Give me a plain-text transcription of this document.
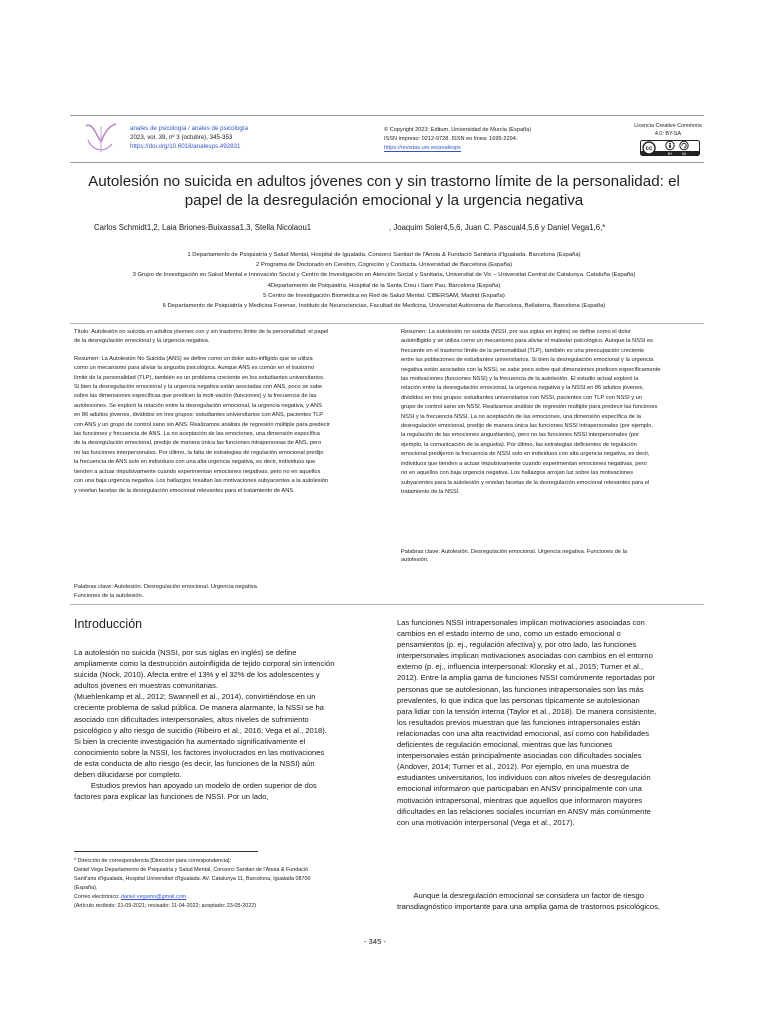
anales de psicología / anales de psicología
2023, vol. 39, nº 3 (octubre), 345-353
https://doi.org/10.6018/analesps.492831
© Copyright 2023: Editum. Universidad de Murcia (España)
ISSN impreso: 0212-9728. ISSN en línea: 1695-2294.
https://revistas.um.es/analesps
Licencia Creative Commons
4.0: BY-SA
cc
BY	SA
Autolesión no suicida en adultos jóvenes con y sin trastorno límite de la personalidad: el
papel de la desregulación emocional y la urgencia negativa
Carlos Schmidt1,2, Laia Briones-Buixassa1,3, Stella Nicolaou1	, Joaquim Soler4,5,6, Juan C. Pascual4,5,6 y Daniel Vega1,6,*
1 Departamento de Psiquiatría y Salud Mental, Hospital de Igualada. Consorci Sanitari de l'Anoia & Fundació Sanitària d'Igualada. Barcelona (España)
2 Programa de Doctorado en Cerebro, Cognición y Conducta. Universidad de Barcelona (España)
3 Grupo de Investigación en Salud Mental e Innovación Social y Centro de Investigación en Atención Social y Sanitaria, Universitat de Vic – Universitat Central de Catalunya. Cataluña (España)
4Departamento de Psiquiatría. Hospital de la Santa Creu i Sant Pau, Barcelona (España)
5 Centro de Investigación Biomédica en Red de Salud Mental. CIBERSAM, Madrid (España)
6 Departamento de Psiquiatría y Medicina Forense, Instituto de Neurociencias, Facultad de Medicina, Universitat Autònoma de Barcelona, Bellaterra, Barcelona (España)

Título: Autolesión no suicida en adultos jóvenes con y sin trastorno límite de la personalidad: el papel

de la desregulación emocional y la urgencia negativa.

Resumen: La Autolesión No Suicida (ANS) se define como un dolor auto-infligido que se utiliza

como un mecanismo para aliviar la angustia psicológica. Aunque ANS es común en el trastorno

límite de la personalidad (TLP), también es un problema creciente en los estudiantes universitarios.

Si bien la desregulación emocional y la urgencia negativa están asociadas con ANS, poco se sabe

sobre las dimensiones específicas que predicen la moti-vación (funciones) y la frecuencia de las

autolesiones. Se exploró la relación entre la desregulación emocional, la urgencia negativa, y ANS

en 86 adultos jóvenes, divididos en tres grupos: estudiantes universitarios con ANS, pacientes TLP

con ANS y un grupo de control sano sin ANS. Realizamos análisis de regresión múltiple para predecir

las funciones y frecuencia de ANS. La no aceptación de las emociones, una dimensión específica

de la desregulación emocional, predijo de manera única las funciones intrapersonas de ANS, pero

no las funciones interpersonales. Por último, la falta de estrategias de regulación emocional predijo

la frecuencia de ANS solo en individuos con una alta urgencia negativa, es decir, individuos que

tienden a actuar impulsivamente cuando experimentan emociones negativas, pero no en aquellos

con una baja urgencia negativa. Los hallazgos resaltan las motivaciones subyacentes a la autolesión

y revelan facetas de la desregulación emocional relevantes para el tratamiento de ANS.

Palabras clave: Autolesión. Desregulación emocional. Urgencia negativa.

Funciones de la autolesión.

Resumen: La autolesión no suicida (NSSI, por sus siglas en inglés) se define como el dolor

autoinfligido y se utiliza como un mecanismo para aliviar el malestar psicológico. Aunque la NSSI es

frecuente en el trastorno límite de la personalidad (TLP), también es una preocupación creciente

entre las poblaciones de estudiantes universitarios. Si bien la desregulación emocional y la urgencia

negativa están asociadas con la NSSI, se sabe poco sobre qué dimensiones predicen específicamente

las motivaciones (funciones NSSI) y la frecuencia de la autolesión. El estudio actual exploró la

relación entre la desregulación emocional, la urgencia negativa y la NSSI en 86 adultos jóvenes,

divididos en tres grupos: estudiantes universitarios con NSSI, pacientes con TLP con NSSI y un

grupo de control sano sin NSSI. Realizamos análisis de regresión múltiple para predecir las funciones

NSSI y la frecuencia NSSI. La no aceptación de las emociones, una dimensión específica de la

desregulación emocional, predijo de manera única las funciones NSSI intrapersonales (por ejemplo,

la regulación de las emociones angustiantes), pero no las funciones NSSI interpersonales (por

ejemplo, la comunicación de la angustia). Por último, las estrategias deficientes de regulación

emocional predijeron la frecuencia de NSSI solo en individuos con alta urgencia negativa, es decir,

individuos que tienden a actuar impulsivamente cuando experimentan emociones negativas, pero

no en aquellos con baja urgencia negativa. Los hallazgos arrojan luz sobre las motivaciones

subyacentes para la autolesión y revelan facetas de la desregulación emocional relevantes para el

tratamiento de la NSSI.

Palabras clave: Autolesión. Desregulación emocional. Urgencia negativa. Funciones de la

autolesión.

Introducción

La autolesión no suicida (NSSI, por sus siglas en inglés) se define

ampliamente como la destrucción autoinfligida de tejido corporal sin intención

suicida (Nock, 2010). Afecta entre el 13% y el 32% de los adolescentes y

adultos jóvenes en muestras comunitarias.

(Muehlenkamp et al., 2012; Swannell et al., 2014), convirtiéndose en un

creciente problema de salud pública. De manera alarmante, la NSSI se ha

asociado con dificultades interpersonales, altos niveles de sufrimiento

psicológico y alto riesgo de suicidio (Ribeiro et al., 2016; Vega et al., 2018).

Si bien la creciente investigación ha aumentado significativamente el

conocimiento sobre la NSSI, los factores involucrados en las motivaciones

de esta conducta de alto riesgo (es decir, las funciones de la NSSI) aún

deben dilucidarse por completo.

Estudios previos han apoyado un modelo de orden superior de dos

factores para explicar las funciones de NSSI. Por un lado,

Las funciones NSSI intrapersonales implican motivaciones asociadas con

cambios en el estado interno de uno, como un estado emocional o

pensamientos (p. ej., regulación afectiva) y, por otro lado, las funciones

interpersonales implican motivaciones asociadas con cambios en el entorno

externo (p. ej., influencia interpersonal: Klonsky et al., 2015; Turner et al.,

2012). Entre la amplia gama de funciones NSSI comúnmente reportadas por

personas que se autolesionan, las funciones intrapersonales son las más

prevalentes, lo que indica que las personas típicamente se autolesionan

para lidiar con la tensión interna (Taylor et al., 2018). De manera consistente,

los resultados previos muestran que las funciones intrapersonales están

relacionadas con una alta reactividad emocional, así como con habilidades

deficientes de regulación emocional, mientras que las funciones

interpersonales están principalmente asociadas con dificultades sociales

(Andover, 2014; Turner et al., 2012). Por ejemplo, en una muestra de

estudiantes universitarios, los individuos con altos niveles de desregulación

emocional informaron que participaban en ANSV principalmente con una

motivación intrapersonal, mientras que aquellos que informaron mayores

dificultades en las relaciones sociales incurrían en ANSV más comúnmente

con una motivación interpersonal (Vega et al., 2017).

Aunque la desregulación emocional se considera un factor de riesgo

transdiagnóstico importante para una amplia gama de trastornos psicológicos,

* Dirección de correspondencia [Dirección para correspondencia]:
Daniel Vega Departamento de Psiquiatría y Salud Mental, Consorci Sanitari de l'Anoia & Fundació
Sanit'aria d'Igualada, Hospital Universitari d'Igualada. AV. Catalunya 11, Barcelona, Igualada 08700
(España).
Correo electrónico: daniel.vegamo@gmail.com
(Artículo recibido: 21-09-2021; revisado: 11-04-2022; aceptado: 23-05-2022)
- 345 -
